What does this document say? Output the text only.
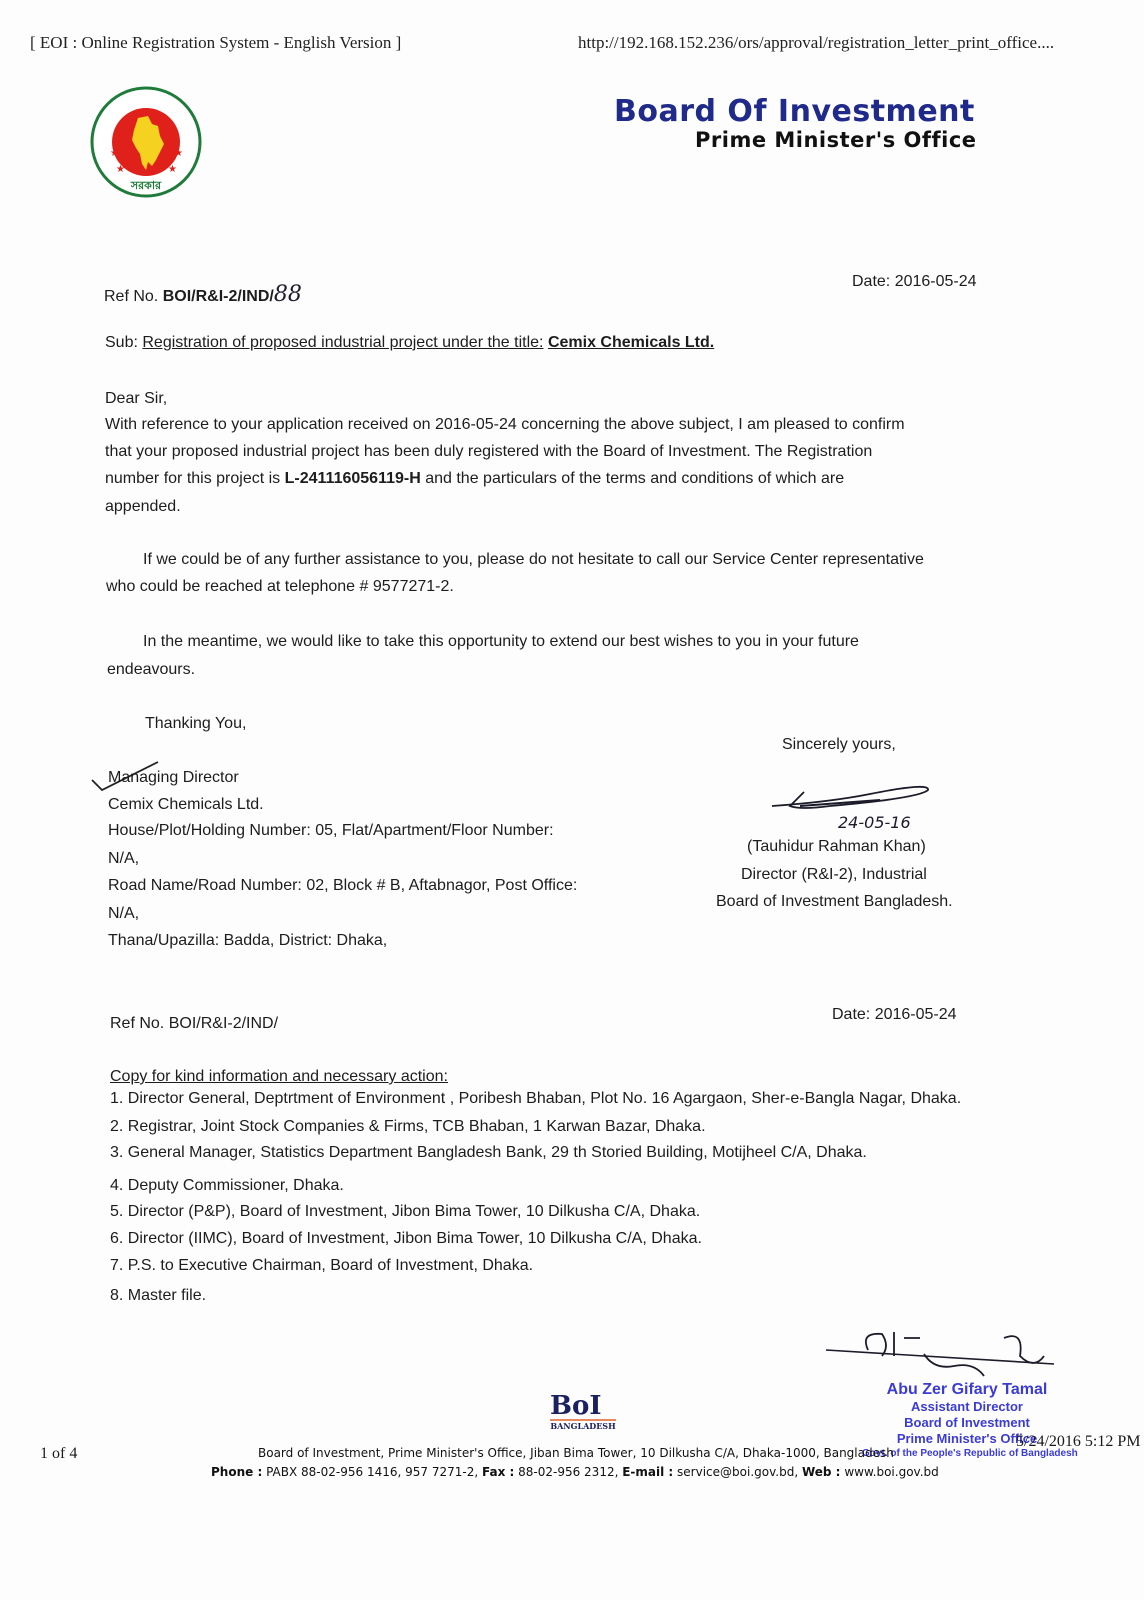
[ EOI : Online Registration System - English Version ]	http://192.168.152.236/ors/approval/registration_letter_print_office....
★	★
★	★
সরকার
Board Of Investment
Prime Minister's Office
Ref No. BOI/R&I-2/IND/88
Date: 2016-05-24
Sub: Registration of proposed industrial project under the title: Cemix Chemicals Ltd.
Dear Sir,
With reference to your application received on 2016-05-24 concerning the above subject, I am pleased to confirm
that your proposed industrial project has been duly registered with the Board of Investment. The Registration
number for this project is L-241116056119-H and the particulars of the terms and conditions of which are
appended.
If we could be of any further assistance to you, please do not hesitate to call our Service Center representative
who could be reached at telephone # 9577271-2.
In the meantime, we would like to take this opportunity to extend our best wishes to you in your future
endeavours.
Thanking You,
Managing Director
Cemix Chemicals Ltd.
House/Plot/Holding Number: 05, Flat/Apartment/Floor Number:
N/A,
Road Name/Road Number: 02, Block # B, Aftabnagor, Post Office:
N/A,
Thana/Upazilla: Badda, District: Dhaka,
Sincerely yours,
24-05-16
(Tauhidur Rahman Khan)
Director (R&I-2), Industrial
Board of Investment Bangladesh.
Ref No. BOI/R&I-2/IND/
Date: 2016-05-24
Copy for kind information and necessary action:
1. Director General, Deptrtment of Environment , Poribesh Bhaban, Plot No. 16 Agargaon, Sher-e-Bangla Nagar, Dhaka.
2. Registrar, Joint Stock Companies & Firms, TCB Bhaban, 1 Karwan Bazar, Dhaka.
3. General Manager, Statistics Department Bangladesh Bank, 29 th Storied Building, Motijheel C/A, Dhaka.
4. Deputy Commissioner, Dhaka.
5. Director (P&P), Board of Investment, Jibon Bima Tower, 10 Dilkusha C/A, Dhaka.
6. Director (IIMC), Board of Investment, Jibon Bima Tower, 10 Dilkusha C/A, Dhaka.
7. P.S. to Executive Chairman, Board of Investment, Dhaka.
8. Master file.
Abu Zer Gifary Tamal
Assistant Director
Board of Investment
Prime Minister's Office
Govt. of the People's Republic of Bangladesh
BoI
BANGLADESH
1 of 4	Board of Investment, Prime Minister's Office, Jiban Bima Tower, 10 Dilkusha C/A, Dhaka-1000, Bangladesh
5/24/2016 5:12 PM
Phone : PABX 88-02-956 1416, 957 7271-2, Fax : 88-02-956 2312, E-mail : service@boi.gov.bd, Web : www.boi.gov.bd
